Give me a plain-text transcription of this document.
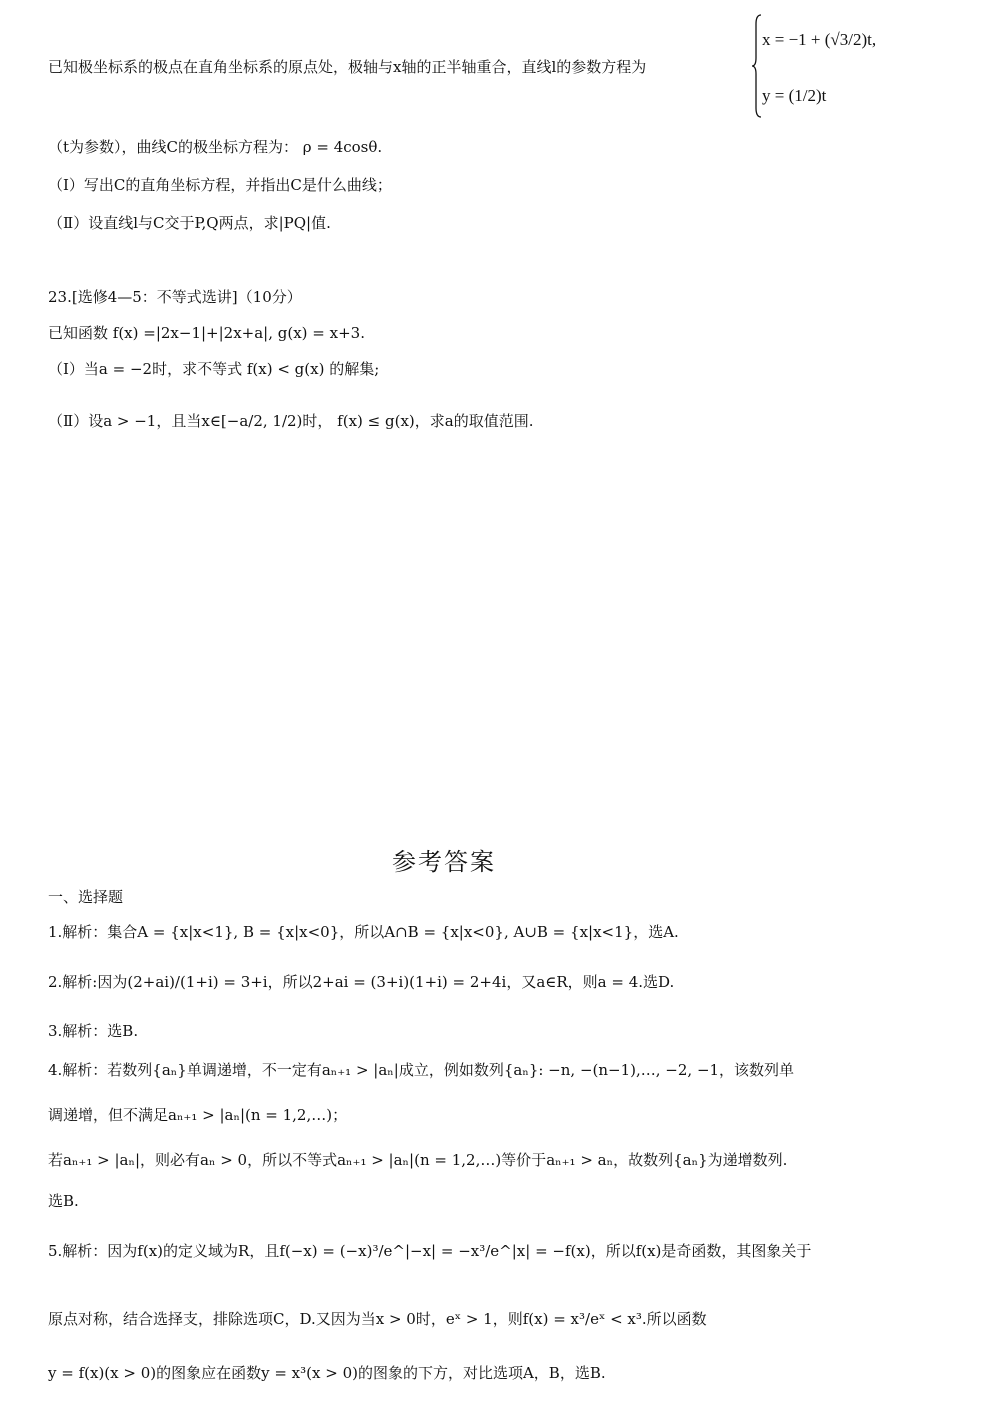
已知极坐标系的极点在直角坐标系的原点处，极轴与x轴的正半轴重合，直线l的参数方程为
x = −1 + (√3/2)t,
y = (1/2)t
（t为参数），曲线C的极坐标方程为： ρ = 4cosθ.
（Ⅰ）写出C的直角坐标方程，并指出C是什么曲线；
（Ⅱ）设直线l与C交于P,Q两点，求|PQ|值.
23.[选修4—5：不等式选讲]（10分）
已知函数 f(x) =|2x−1|+|2x+a|, g(x) = x+3.
（Ⅰ）当a = −2时，求不等式 f(x) < g(x) 的解集;
（Ⅱ）设a > −1，且当x∈[−a/2, 1/2)时， f(x) ≤ g(x)，求a的取值范围.
参考答案
一、选择题
1.解析：集合A = {x|x<1}, B = {x|x<0}，所以A∩B = {x|x<0}, A∪B = {x|x<1}，选A.
2.解析:因为(2+ai)/(1+i) = 3+i，所以2+ai = (3+i)(1+i) = 2+4i，又a∈R，则a = 4.选D.
3.解析：选B.
4.解析：若数列{aₙ}单调递增，不一定有aₙ₊₁ > |aₙ|成立，例如数列{aₙ}: −n, −(n−1),…, −2, −1，该数列单
调递增，但不满足aₙ₊₁ > |aₙ|(n = 1,2,…)；
若aₙ₊₁ > |aₙ|，则必有aₙ > 0，所以不等式aₙ₊₁ > |aₙ|(n = 1,2,…)等价于aₙ₊₁ > aₙ，故数列{aₙ}为递增数列.
选B.
5.解析：因为f(x)的定义域为R，且f(−x) = (−x)³/e^|−x| = −x³/e^|x| = −f(x)，所以f(x)是奇函数，其图象关于
原点对称，结合选择支，排除选项C，D.又因为当x > 0时，eˣ > 1，则f(x) = x³/eˣ < x³.所以函数
y = f(x)(x > 0)的图象应在函数y = x³(x > 0)的图象的下方，对比选项A，B，选B.
